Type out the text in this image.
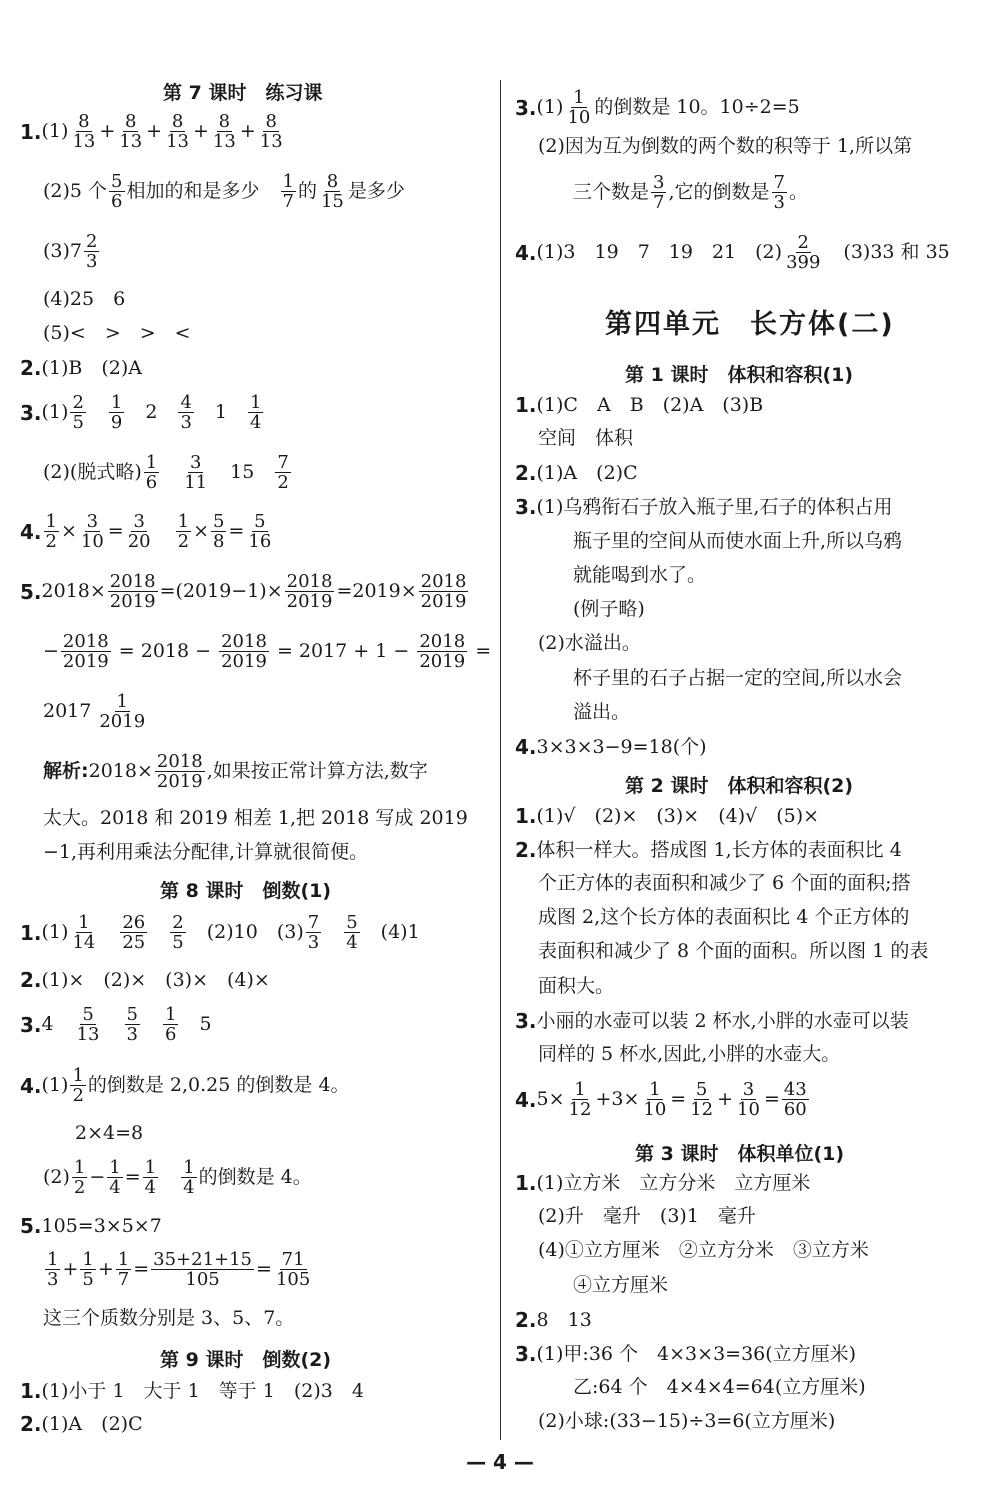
第 7 课时　练习课
1. (1) 8
$13 + \frac{8}{13} + \frac{8}{13} + \frac{8}{13} + \frac{8}{13}$
(2)5 个 5
6 相加的和是多少　 1
7 的 8
15 是多少
(3)7 2
3
(4)25　6
(5)<　>　>　<
2. (1)B　(2)A
3. (1) 2
5

1
9 　2　 4
3 　1　 1
4
(2)(脱式略) 1
6

3
11 　15　 7
2
4. $\frac{1}{2} \times \frac{3}{10} = \frac{3}{20}$
　 $\frac{1}{2} \times \frac{5}{8} = \frac{5}{16}$
5. $2018\times \frac{2018}{2019} =(2019-1)\times \frac{2018}{2019} =2019\times \frac{2018}{2019}$
− $\frac{2018}{2019} = 2018 - \frac{2018}{2019} = 2017 + 1 - \frac{2018}{2019}$ =
2017 1
2019
解析: $2018\times \frac{2018}{2019}$ ,如果按正常计算方法,数字
太大。2018 和 2019 相差 1,把 2018 写成 2019
−1,再利用乘法分配律,计算就很简便。
第 8 课时　倒数(1)
1. (1) 1
14

26
25

2
5 　(2)10　(3) 7
3

5
4 　(4)1
2. (1)×　(2)×　(3)×　(4)×
3. 4　 5
13

5
3

1
6 　5
4. (1) 1
2 的倒数是 2,0.25 的倒数是 4。
2×4=8
(2) 1
$2 - \frac{1}{4} = \frac{1}{4}$
　 1
4 的倒数是 4。
5. 105=3×5×7
1
$3 + \frac{1}{5} + \frac{1}{7} = \frac{35+21+15}{105} = \frac{71}{105}$
这三个质数分别是 3、5、7。
第 9 课时　倒数(2)
1. (1)小于 1　大于 1　等于 1　(2)3　4
2. (1)A　(2)C
3. (1) 1
10 的倒数是 10。10÷2=5
(2)因为互为倒数的两个数的积等于 1,所以第
三个数是 3
7 ,它的倒数是 7
3 。
4. (1)3　19　7　19　21　(2) 2
399 　(3)33 和 35
第四单元　长方体(二)
第 1 课时　体积和容积(1)
1. (1)C　A　B　(2)A　(3)B
空间　体积
2. (1)A　(2)C
3. (1)乌鸦衔石子放入瓶子里,石子的体积占用
瓶子里的空间从而使水面上升,所以乌鸦
就能喝到水了。
(例子略)
(2)水溢出。
杯子里的石子占据一定的空间,所以水会
溢出。
4. 3×3×3−9=18(个)
第 2 课时　体积和容积(2)
1. (1)√　(2)×　(3)×　(4)√　(5)×
2. 体积一样大。搭成图 1,长方体的表面积比 4
个正方体的表面积和减少了 6 个面的面积;搭
成图 2,这个长方体的表面积比 4 个正方体的
表面积和减少了 8 个面的面积。所以图 1 的表
面积大。
3. 小丽的水壶可以装 2 杯水,小胖的水壶可以装
同样的 5 杯水,因此,小胖的水壶大。
4. $5\times \frac{1}{12} +3\times \frac{1}{10} = \frac{5}{12} + \frac{3}{10} = \frac{43}{60}$
第 3 课时　体积单位(1)
1. (1)立方米　立方分米　立方厘米
(2)升　毫升　(3)1　毫升
(4)①立方厘米　②立方分米　③立方米
④立方厘米
2. 8　13
3. (1)甲:36 个　4×3×3=36(立方厘米)
乙:64 个　4×4×4=64(立方厘米)
(2)小球:(33−15)÷3=6(立方厘米)
— 4 —
